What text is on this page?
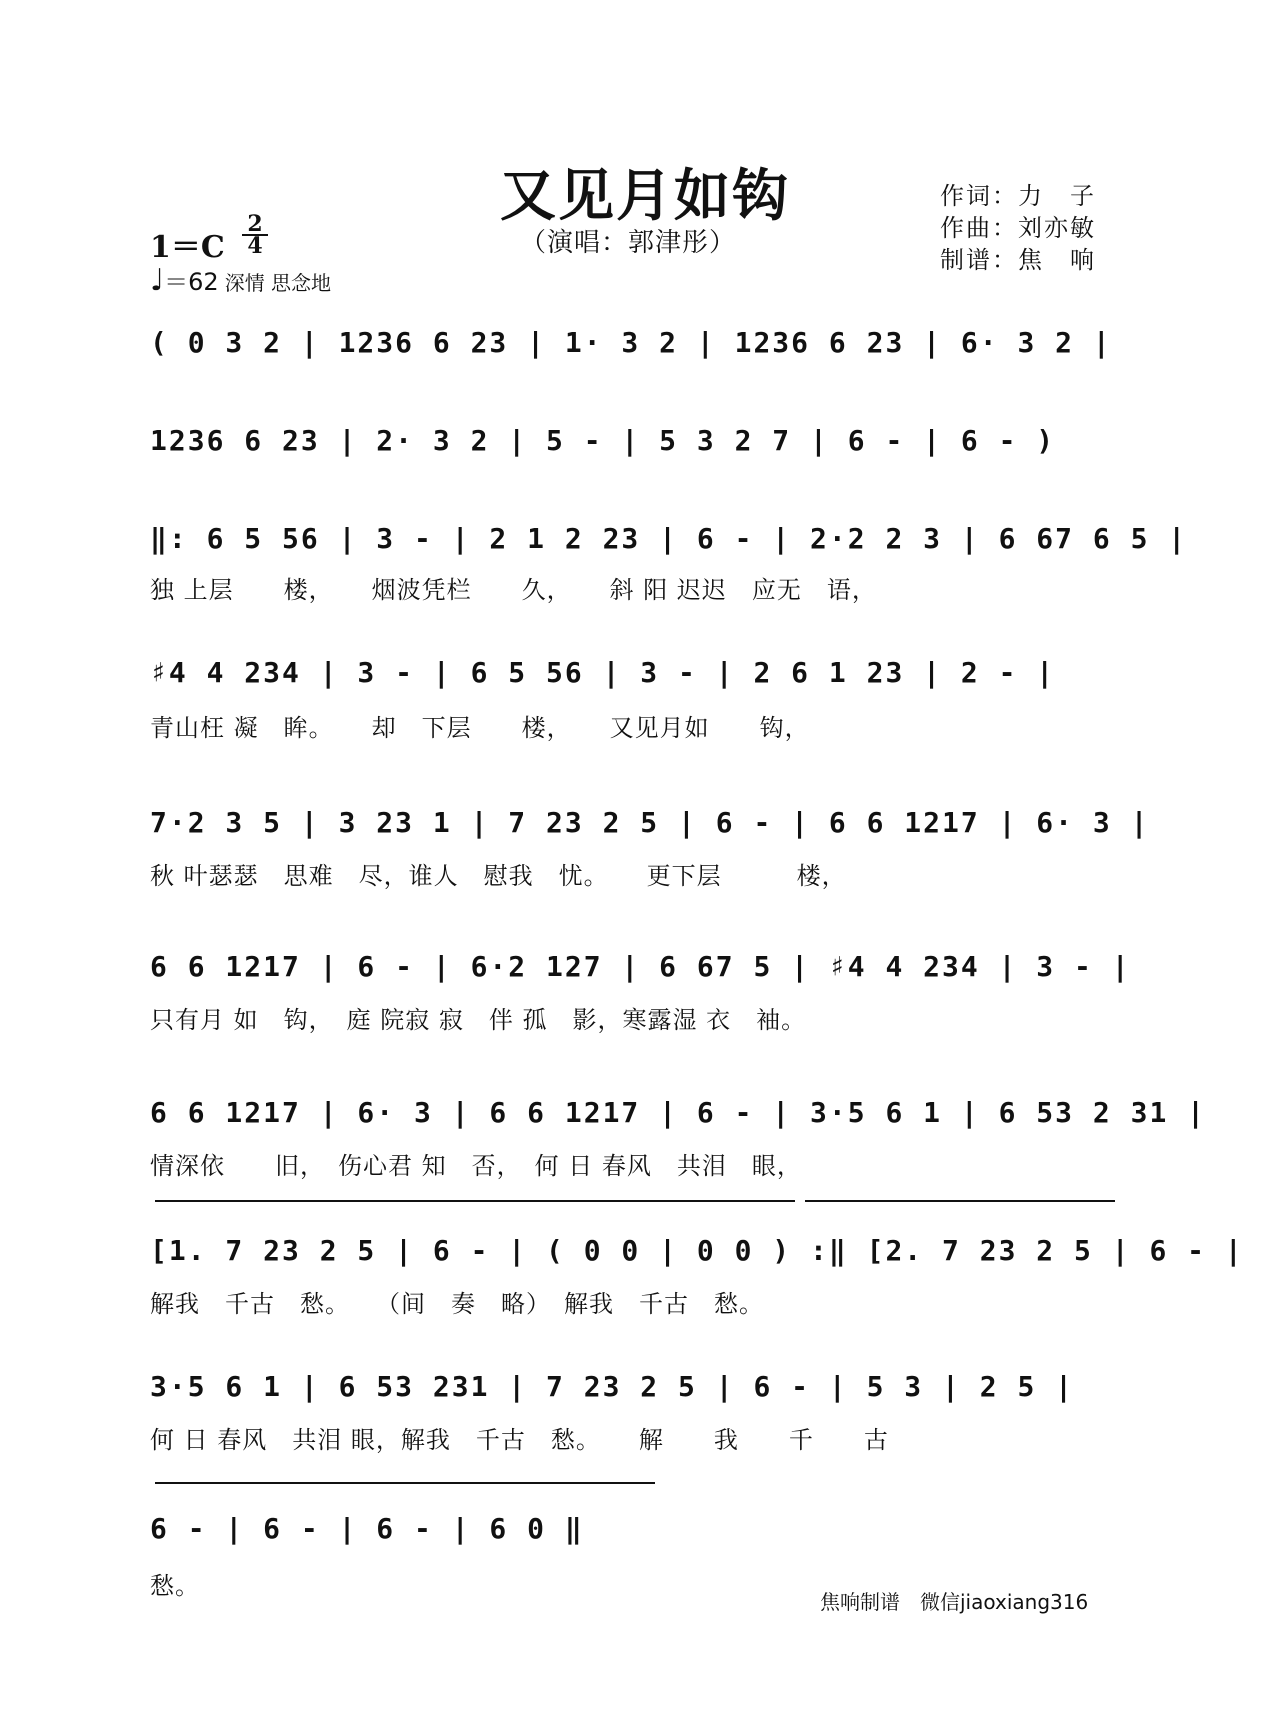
又见月如钩
（演唱：郭津彤）
作词：力　子
作曲：刘亦敏
制谱：焦　响
1＝C
2
4
♩＝62 深情 思念地
( 0 3 2 | 1236 6 23 | 1· 3 2 | 1236 6 23 | 6· 3 2 |
1236 6 23 | 2· 3 2 | 5 - | 5 3 2 7 | 6 - | 6 - )
‖: 6 5 56 | 3 - | 2 1 2 23 | 6 - | 2·2 2 3 | 6 67 6 5 |
独 上层　　楼，　　烟波凭栏　　久，　　斜 阳 迟迟　应无　语，
♯4 4 234 | 3 - | 6 5 56 | 3 - | 2 6 1 23 | 2 - |
青山枉 凝　眸。　　却　下层　　楼，　　又见月如　　钩，
7·2 3 5 | 3 23 1 | 7 23 2 5 | 6 - | 6 6 1217 | 6· 3 |
秋 叶瑟瑟　思难　尽，谁人　慰我　忧。　　更下层　　　楼，
6 6 1217 | 6 - | 6·2 127 | 6 67 5 | ♯4 4 234 | 3 - |
只有月 如　钩，　庭 院寂 寂　伴 孤　影，寒露湿 衣　袖。
6 6 1217 | 6· 3 | 6 6 1217 | 6 - | 3·5 6 1 | 6 53 2 31 |
情深依　　旧，　伤心君 知　否，　何 日 春风　共泪　眼，
[1. 7 23 2 5 | 6 - | ( 0 0 | 0 0 ) :‖ [2. 7 23 2 5 | 6 - |
解我　千古　愁。　　（间　奏　略）　解我　千古　愁。
3·5 6 1 | 6 53 231 | 7 23 2 5 | 6 - | 5 3 | 2 5 |
何 日 春风　共泪 眼，解我　千古　愁。　　解　　我　　千　　古
6 - | 6 - | 6 - | 6 0 ‖
愁。
焦响制谱　微信jiaoxiang316
